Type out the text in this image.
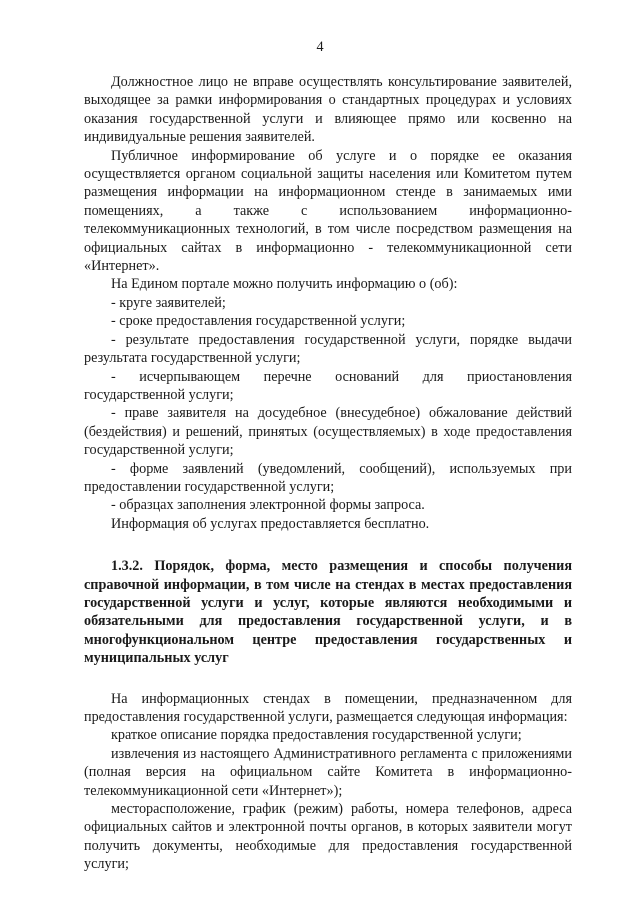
4

Должностное лицо не вправе осуществлять консультирование заявителей, выходящее за рамки информирования о стандартных процедурах и условиях оказания государственной услуги и влияющее прямо или косвенно на индивидуальные решения заявителей.

Публичное информирование об услуге и о порядке ее оказания осуществляется органом социальной защиты населения или Комитетом путем размещения информации на информационном стенде в занимаемых ими помещениях, а также с использованием информационно-телекоммуникационных технологий, в том числе посредством размещения на официальных сайтах в информационно - телекоммуникационной сети «Интернет».

На Едином портале можно получить информацию о (об):

- круге заявителей;

- сроке предоставления государственной услуги;

- результате предоставления государственной услуги, порядке выдачи результата государственной услуги;

- исчерпывающем перечне оснований для приостановления государственной услуги;

- праве заявителя на досудебное (внесудебное) обжалование действий (бездействия) и решений, принятых (осуществляемых) в ходе предоставления государственной услуги;

- форме заявлений (уведомлений, сообщений), используемых при предоставлении государственной услуги;

- образцах заполнения электронной формы запроса.

Информация об услугах предоставляется бесплатно.

1.3.2. Порядок, форма, место размещения и способы получения справочной информации, в том числе на стендах в местах предоставления государственной услуги и услуг, которые являются необходимыми и обязательными для предоставления государственной услуги, и в многофункциональном центре предоставления государственных и муниципальных услуг

На информационных стендах в помещении, предназначенном для предоставления государственной услуги, размещается следующая информация:

краткое описание порядка предоставления государственной услуги;

извлечения из настоящего Административного регламента с приложениями (полная версия на официальном сайте Комитета в информационно-телекоммуникационной сети «Интернет»);

месторасположение, график (режим) работы, номера телефонов, адреса официальных сайтов и электронной почты органов, в которых заявители могут получить документы, необходимые для предоставления государственной услуги;
